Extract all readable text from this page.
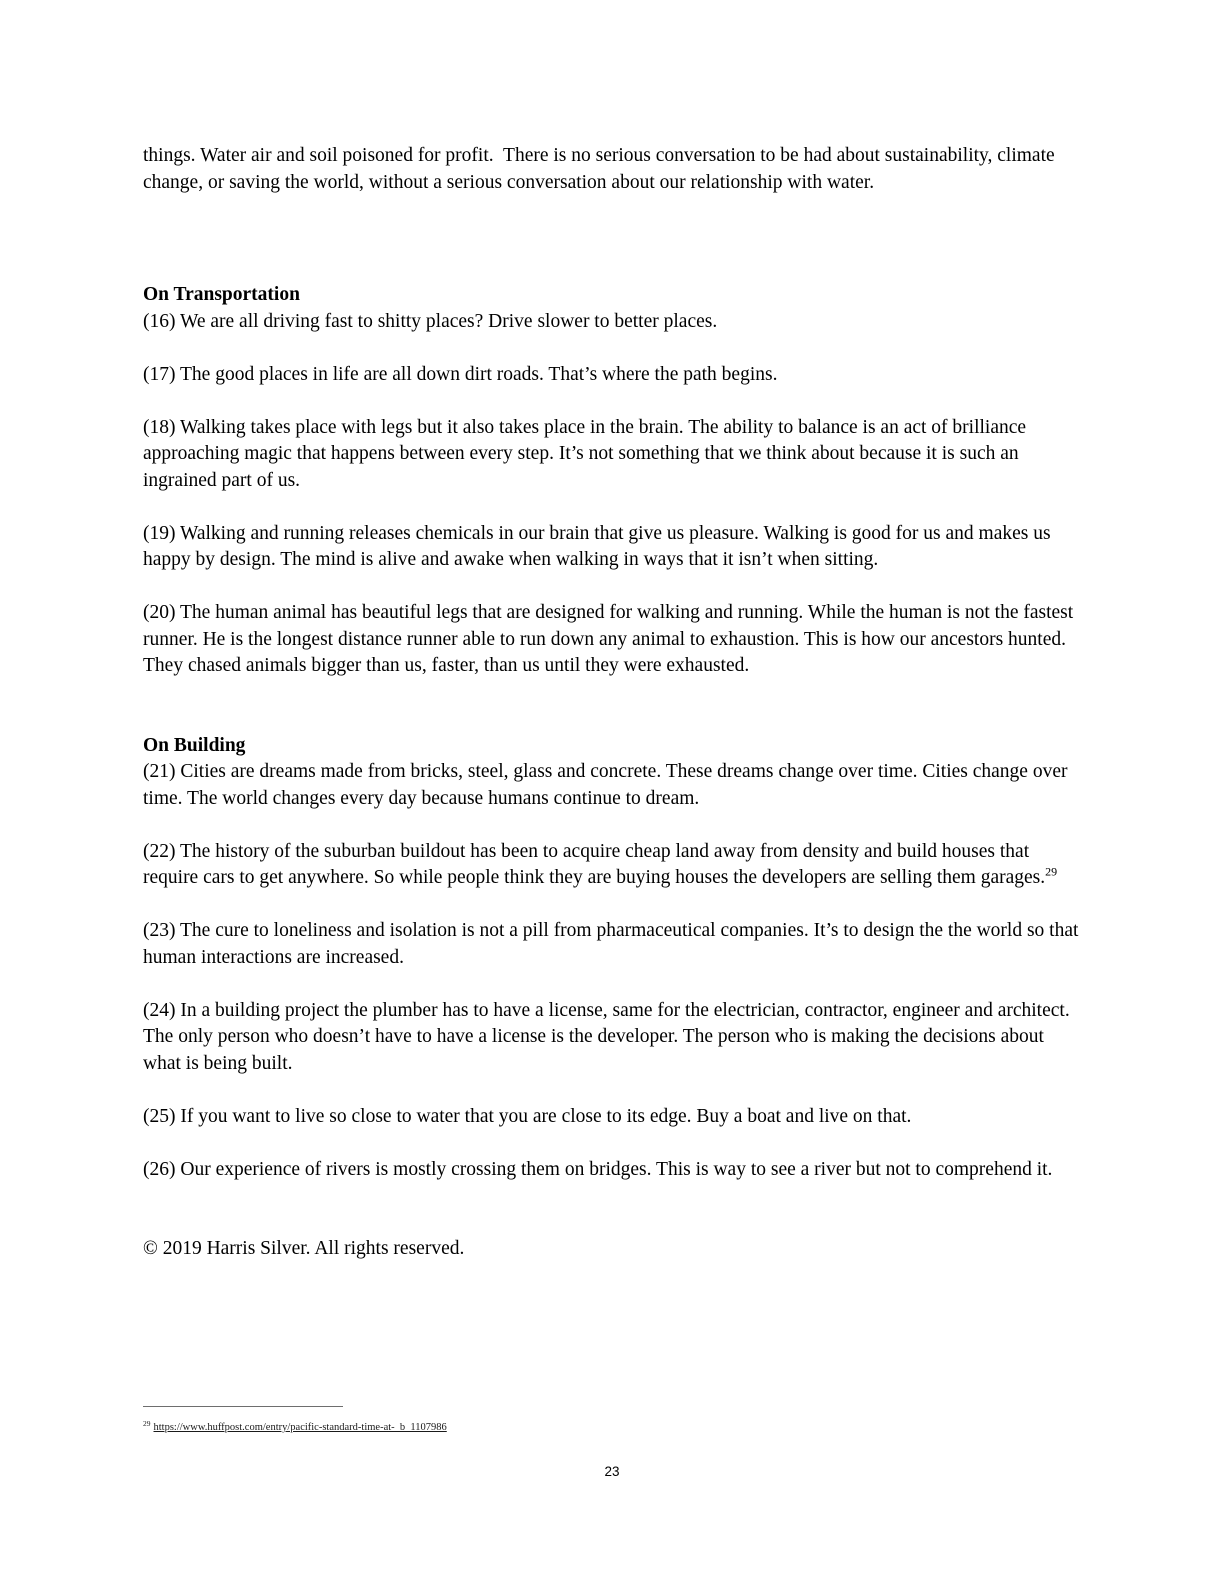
things. Water air and soil poisoned for profit.  There is no serious conversation to be had about sustainability, climate change, or saving the world, without a serious conversation about our relationship with water.

On Transportation

(16) We are all driving fast to shitty places? Drive slower to better places.

(17) The good places in life are all down dirt roads. That’s where the path begins.

(18) Walking takes place with legs but it also takes place in the brain. The ability to balance is an act of brilliance approaching magic that happens between every step. It’s not something that we think about because it is such an ingrained part of us.

(19) Walking and running releases chemicals in our brain that give us pleasure. Walking is good for us and makes us happy by design. The mind is alive and awake when walking in ways that it isn’t when sitting.

(20) The human animal has beautiful legs that are designed for walking and running. While the human is not the fastest runner. He is the longest distance runner able to run down any animal to exhaustion. This is how our ancestors hunted. They chased animals bigger than us, faster, than us until they were exhausted.

On Building

(21) Cities are dreams made from bricks, steel, glass and concrete. These dreams change over time. Cities change over time. The world changes every day because humans continue to dream.

(22) The history of the suburban buildout has been to acquire cheap land away from density and build houses that require cars to get anywhere. So while people think they are buying houses the developers are selling them garages.$^{29}$

(23) The cure to loneliness and isolation is not a pill from pharmaceutical companies. It’s to design the the world so that human interactions are increased.

(24) In a building project the plumber has to have a license, same for the electrician, contractor, engineer and architect. The only person who doesn’t have to have a license is the developer. The person who is making the decisions about what is being built.

(25) If you want to live so close to water that you are close to its edge. Buy a boat and live on that.

(26) Our experience of rivers is mostly crossing them on bridges. This is way to see a river but not to comprehend it.

© 2019 Harris Silver. All rights reserved.

$^{29}$ https://www.huffpost.com/entry/pacific-standard-time-at-_b_1107986
23
